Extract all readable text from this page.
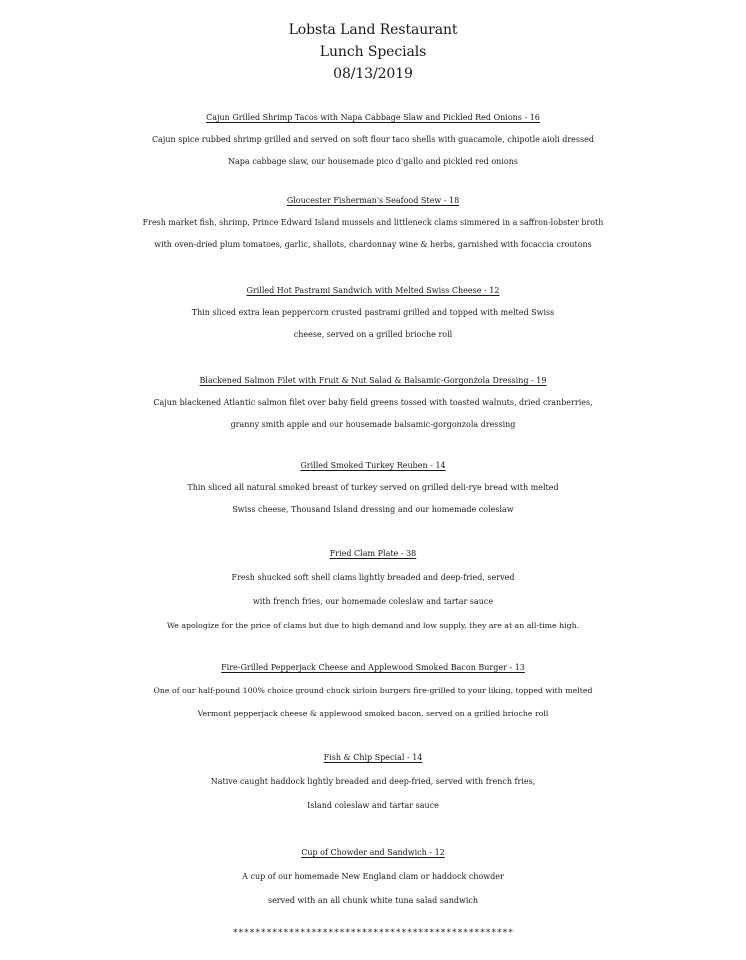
Lobsta Land Restaurant
Lunch Specials
08/13/2019
Cajun Grilled Shrimp Tacos with Napa Cabbage Slaw and Pickled Red Onions - 16
Cajun spice rubbed shrimp grilled and served on soft flour taco shells with guacamole, chipotle aioli dressed
Napa cabbage slaw, our housemade pico d'gallo and pickled red onions
Gloucester Fisherman's Seafood Stew - 18
Fresh market fish, shrimp, Prince Edward Island mussels and littleneck clams simmered in a saffron-lobster broth
with oven-dried plum tomatoes, garlic, shallots, chardonnay wine & herbs, garnished with focaccia croutons
Grilled Hot Pastrami Sandwich with Melted Swiss Cheese - 12
Thin sliced extra lean peppercorn crusted pastrami grilled and topped with melted Swiss
cheese, served on a grilled brioche roll
Blackened Salmon Filet with Fruit & Nut Salad & Balsamic-Gorgonzola Dressing - 19
Cajun blackened Atlantic salmon filet over baby field greens tossed with toasted walnuts, dried cranberries,
granny smith apple and our housemade balsamic-gorgonzola dressing
Grilled Smoked Turkey Reuben - 14
Thin sliced all natural smoked breast of turkey served on grilled deli-rye bread with melted
Swiss cheese, Thousand Island dressing and our homemade coleslaw
Fried Clam Plate - 38
Fresh shucked soft shell clams lightly breaded and deep-fried, served
with french fries, our homemade coleslaw and tartar sauce
We apologize for the price of clams but due to high demand and low supply, they are at an all-time high.
Fire-Grilled Pepperjack Cheese and Applewood Smoked Bacon Burger - 13
One of our half-pound 100% choice ground chuck sirloin burgers fire-grilled to your liking, topped with melted
Vermont pepperjack cheese & applewood smoked bacon, served on a grilled brioche roll
Fish & Chip Special - 14
Native caught haddock lightly breaded and deep-fried, served with french fries,
Island coleslaw and tartar sauce
Cup of Chowder and Sandwich - 12
A cup of our homemade New England clam or haddock chowder
served with an all chunk white tuna salad sandwich
**************************************************
